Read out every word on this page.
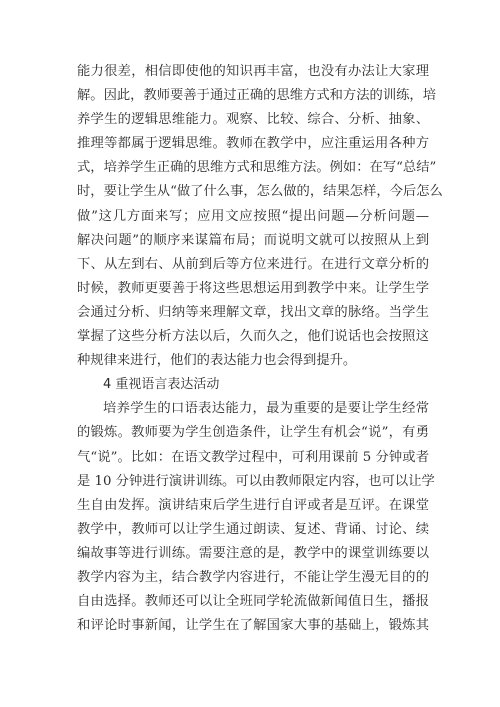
能力很差，相信即使他的知识再丰富，也没有办法让大家理
解。因此，教师要善于通过正确的思维方式和方法的训练，培
养学生的逻辑思维能力。观察、比较、综合、分析、抽象、
推理等都属于逻辑思维。教师在教学中，应注重运用各种方
式，培养学生正确的思维方式和思维方法。例如：在写“总结”
时，要让学生从“做了什么事，怎么做的，结果怎样，今后怎么
做”这几方面来写；应用文应按照“提出问题—分析问题—
解决问题”的顺序来谋篇布局；而说明文就可以按照从上到
下、从左到右、从前到后等方位来进行。在进行文章分析的
时候，教师更要善于将这些思想运用到教学中来。让学生学
会通过分析、归纳等来理解文章，找出文章的脉络。当学生
掌握了这些分析方法以后，久而久之，他们说话也会按照这
种规律来进行，他们的表达能力也会得到提升。
4 重视语言表达活动
培养学生的口语表达能力，最为重要的是要让学生经常
的锻炼。教师要为学生创造条件，让学生有机会“说”，有勇
气“说”。比如：在语文教学过程中，可利用课前 5 分钟或者
是 10 分钟进行演讲训练。可以由教师限定内容，也可以让学
生自由发挥。演讲结束后学生进行自评或者是互评。在课堂
教学中，教师可以让学生通过朗读、复述、背诵、讨论、续
编故事等进行训练。需要注意的是，教学中的课堂训练要以
教学内容为主，结合教学内容进行，不能让学生漫无目的的
自由选择。教师还可以让全班同学轮流做新闻值日生，播报
和评论时事新闻，让学生在了解国家大事的基础上，锻炼其
